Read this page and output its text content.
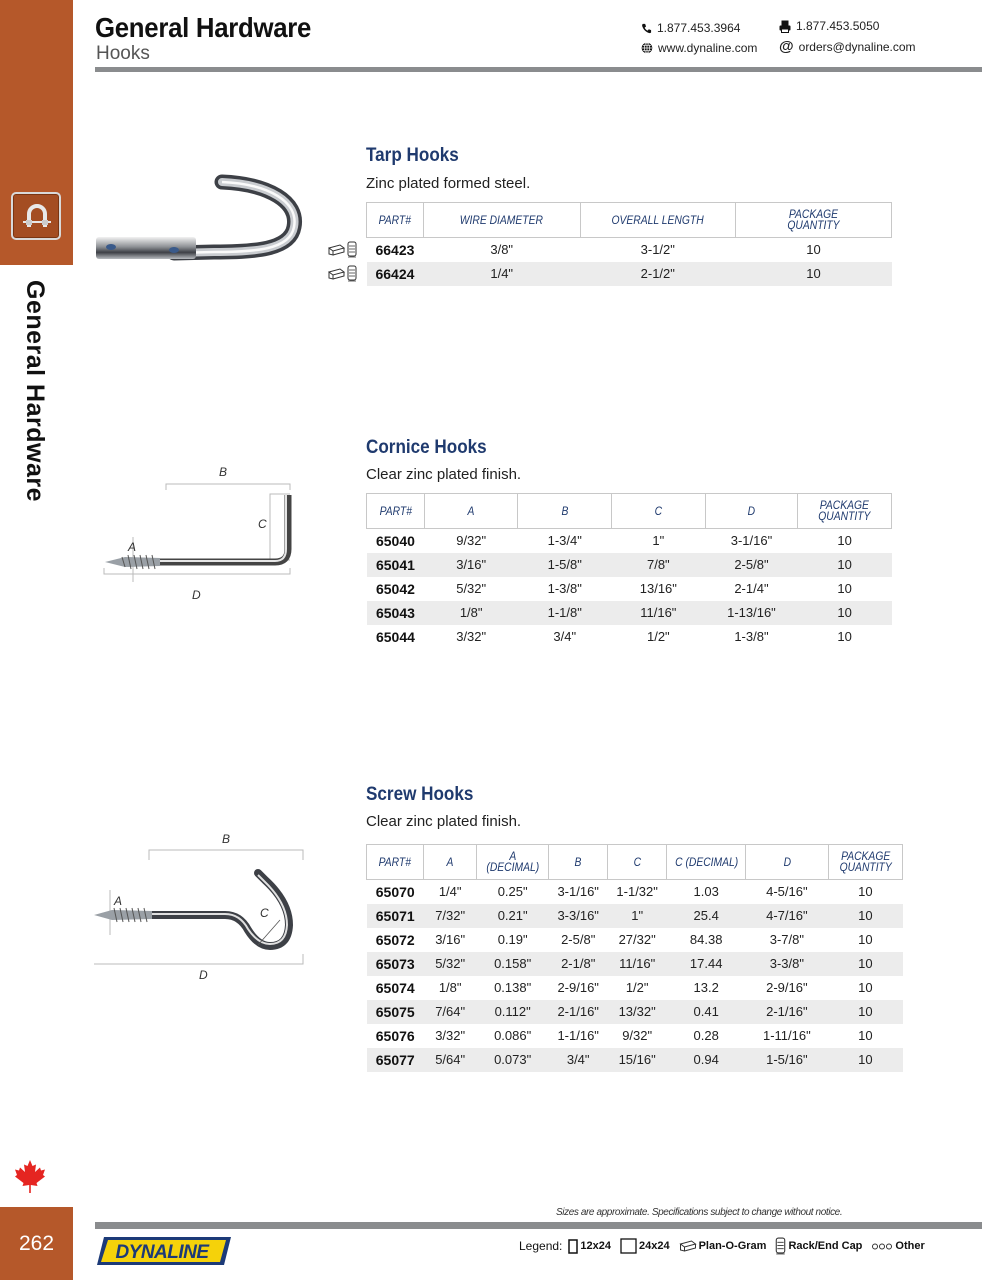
General Hardware
262
General Hardware
Hooks
1.877.453.3964	1.877.453.5050
www.dynaline.com @ orders@dynaline.com
Tarp Hooks
Zinc plated formed steel.
PART#	WIRE DIAMETER	OVERALL LENGTH	PACKAGE QUANTITY
66423	3/8"	3-1/2"	10
66424	1/4"	2-1/2"	10
B
C
A
D
Cornice Hooks
Clear zinc plated finish.
PART#	A	B	C	D	PACKAGE QUANTITY
65040	9/32"	1-3/4"	1"	3-1/16"	10
65041	3/16"	1-5/8"	7/8"	2-5/8"	10
65042	5/32"	1-3/8"	13/16"	2-1/4"	10
65043	1/8"	1-1/8"	11/16"	1-13/16"	10
65044	3/32"	3/4"	1/2"	1-3/8"	10
B
A
C
D
Screw Hooks
Clear zinc plated finish.
PART#	A	A (DECIMAL)	B	C	C (DECIMAL)	D	PACKAGE QUANTITY
65070	1/4"	0.25"	3-1/16"	1-1/32"	1.03	4-5/16"	10
65071	7/32"	0.21"	3-3/16"	1"	25.4	4-7/16"	10
65072	3/16"	0.19"	2-5/8"	27/32"	84.38	3-7/8"	10
65073	5/32"	0.158"	2-1/8"	11/16"	17.44	3-3/8"	10
65074	1/8"	0.138"	2-9/16"	1/2"	13.2	2-9/16"	10
65075	7/64"	0.112"	2-1/16"	13/32"	0.41	2-1/16"	10
65076	3/32"	0.086"	1-1/16"	9/32"	0.28	1-11/16"	10
65077	5/64"	0.073"	3/4"	15/16"	0.94	1-5/16"	10
Sizes are approximate. Specifications subject to change without notice.
DYNALINE	Legend: 12x24	24x24	Plan-O-Gram Rack/End Cap	Other
